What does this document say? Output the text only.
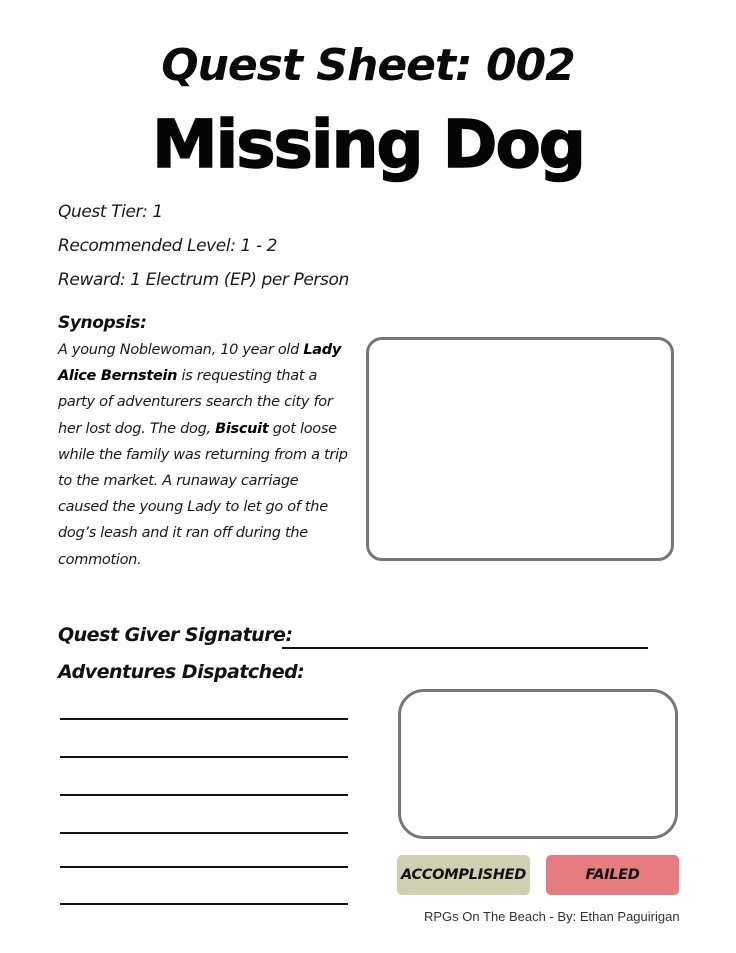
Quest Sheet: 002
Missing Dog
Quest Tier: 1
Recommended Level: 1 - 2
Reward: 1 Electrum (EP) per Person
Synopsis:
A young Noblewoman, 10 year old Lady Alice Bernstein is requesting that a party of adventurers search the city for her lost dog. The dog, Biscuit got loose while the family was returning from a trip to the market. A runaway carriage caused the young Lady to let go of the dog’s leash and it ran off during the commotion.
Quest Giver Signature:
Adventures Dispatched:
ACCOMPLISHED	FAILED
RPGs On The Beach - By: Ethan Paguirigan
